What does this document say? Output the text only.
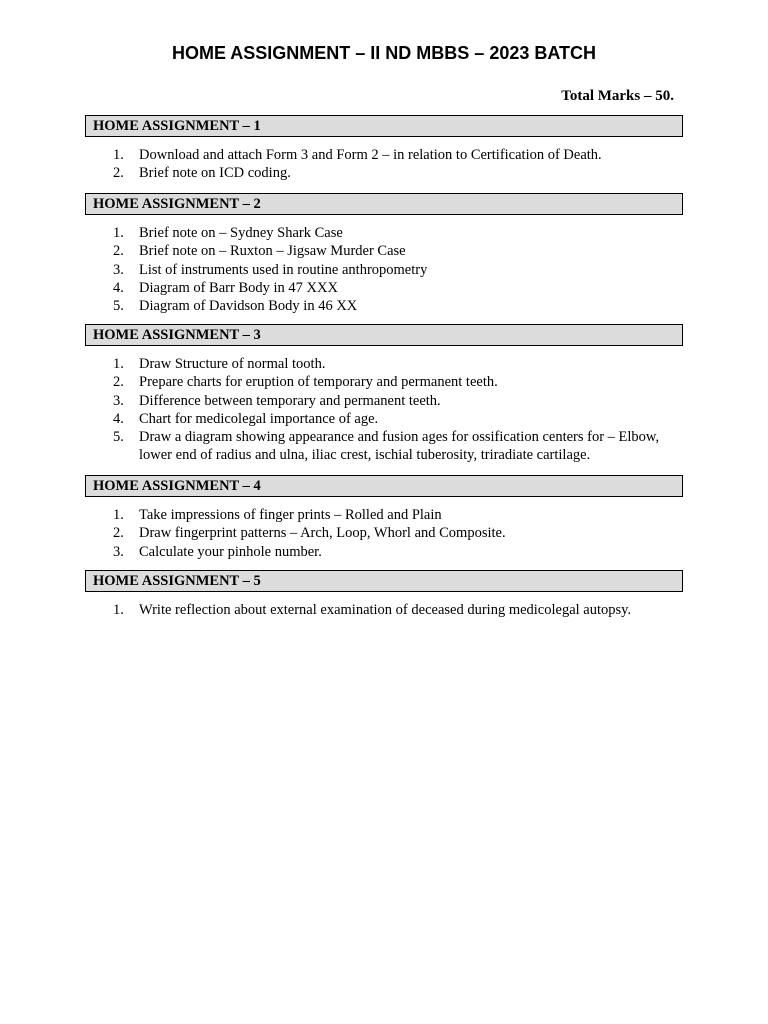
HOME ASSIGNMENT – II ND MBBS – 2023 BATCH
Total Marks – 50.
HOME ASSIGNMENT – 1
1. Download and attach Form 3 and Form 2 – in relation to Certification of Death.
2. Brief note on ICD coding.
HOME ASSIGNMENT – 2
1. Brief note on – Sydney Shark Case
2. Brief note on – Ruxton – Jigsaw Murder Case
3. List of instruments used in routine anthropometry
4. Diagram of Barr Body in 47 XXX
5. Diagram of Davidson Body in 46 XX
HOME ASSIGNMENT – 3
1. Draw Structure of normal tooth.
2. Prepare charts for eruption of temporary and permanent teeth.
3. Difference between temporary and permanent teeth.
4. Chart for medicolegal importance of age.
5. Draw a diagram showing appearance and fusion ages for ossification centers for – Elbow, lower end of radius and ulna, iliac crest, ischial tuberosity, triradiate cartilage.
HOME ASSIGNMENT – 4
1. Take impressions of finger prints – Rolled and Plain
2. Draw fingerprint patterns – Arch, Loop, Whorl and Composite.
3. Calculate your pinhole number.
HOME ASSIGNMENT – 5
1. Write reflection about external examination of deceased during medicolegal autopsy.
